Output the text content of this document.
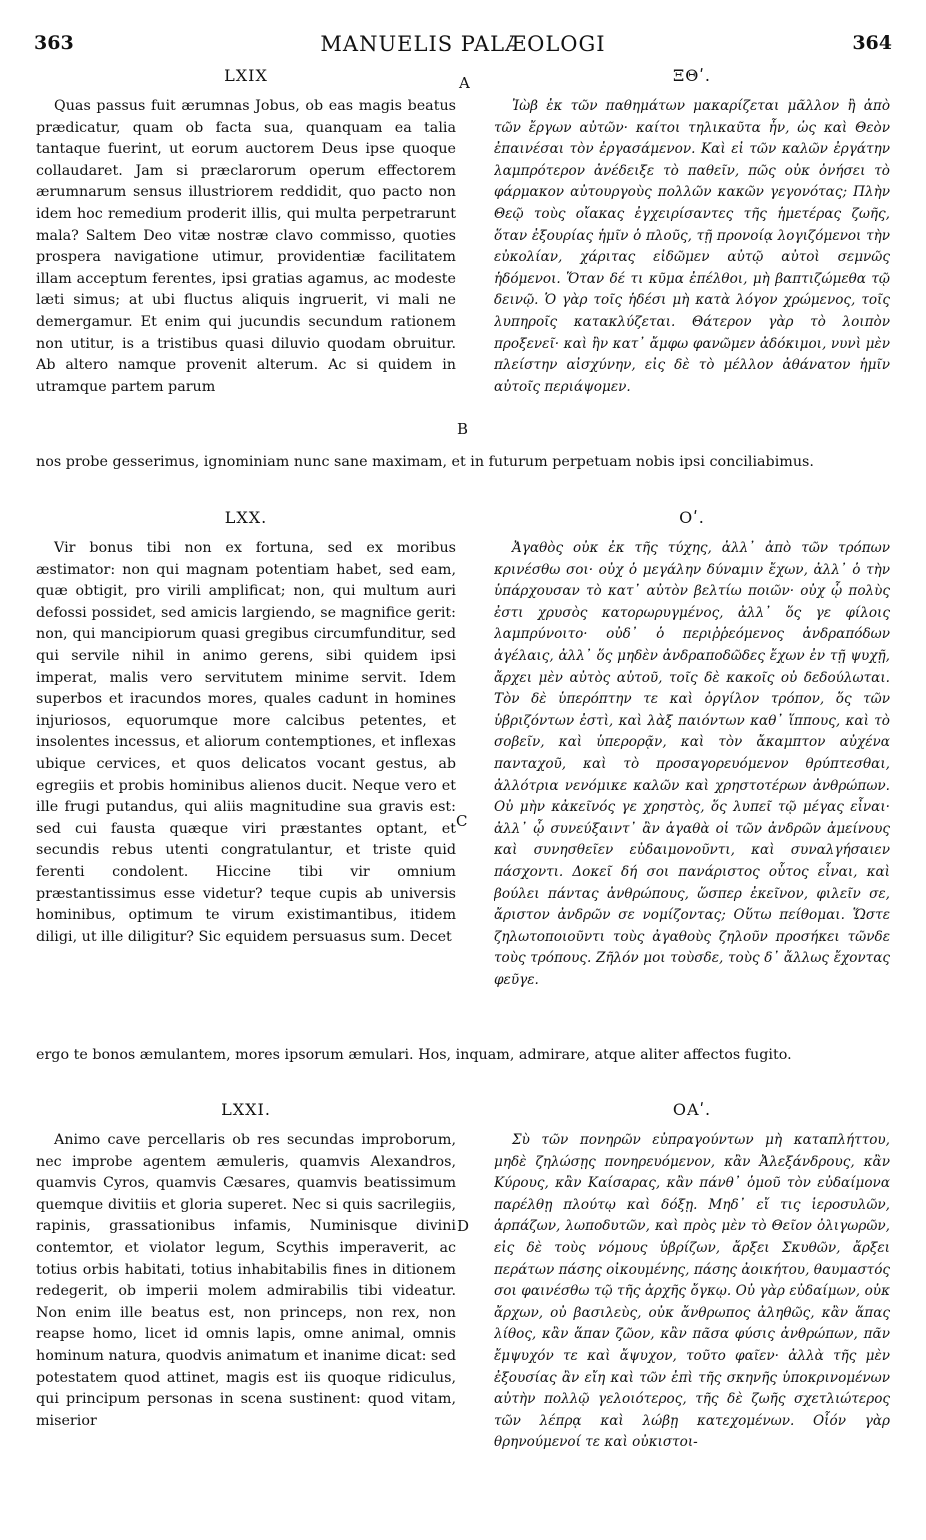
363	MANUELIS PALÆOLOGI	364
LXIX	ΞΘʹ.
A

Quas passus fuit ærumnas Jobus, ob eas magis beatus prædicatur, quam ob facta sua, quanquam ea talia tantaque fuerint, ut eorum auctorem Deus ipse quoque collaudaret. Jam si præclarorum operum effectorem ærumnarum sensus illustriorem reddidit, quo pacto non idem hoc remedium proderit illis, qui multa perpetrarunt mala? Saltem Deo vitæ nostræ clavo commisso, quoties prospera navigatione utimur, providentiæ facilitatem illam acceptum ferentes, ipsi gratias agamus, ac modeste læti simus; at ubi fluctus aliquis ingruerit, vi mali ne demergamur. Et enim qui jucundis secundum rationem non utitur, is a tristibus quasi diluvio quodam obruitur. Ab altero namque provenit alterum. Ac si quidem in utramque partem parum

Ἰὼβ ἐκ τῶν παθημάτων μακαρίζεται μᾶλλον ἢ ἀπὸ τῶν ἔργων αὐτῶν· καίτοι τηλικαῦτα ἦν, ὡς καὶ Θεὸν ἐπαινέσαι τὸν ἐργασάμενον. Καὶ εἰ τῶν καλῶν ἐργάτην λαμπρότερον ἀνέδειξε τὸ παθεῖν, πῶς οὐκ ὀνήσει τὸ φάρμακον αὐτουργοὺς πολλῶν κακῶν γεγονότας; Πλὴν Θεῷ τοὺς οἴακας ἐγχειρίσαντες τῆς ἡμετέρας ζωῆς, ὅταν ἐξουρίας ἡμῖν ὁ πλοῦς, τῇ προνοίᾳ λογιζόμενοι τὴν εὐκολίαν, χάριτας εἰδῶμεν αὐτῷ αὐτοὶ σεμνῶς ἡδόμενοι. Ὅταν δέ τι κῦμα ἐπέλθοι, μὴ βαπτιζώμεθα τῷ δεινῷ. Ὁ γὰρ τοῖς ἡδέσι μὴ κατὰ λόγον χρώμενος, τοῖς λυπηροῖς κατακλύζεται. Θάτερον γὰρ τὸ λοιπὸν προξενεῖ· καὶ ἢν κατ᾽ ἄμφω φανῶμεν ἀδόκιμοι, νυνὶ μὲν πλείστην αἰσχύνην, εἰς δὲ τὸ μέλλον ἀθάνατον ἡμῖν αὐτοῖς περιάψομεν.

B

nos probe gesserimus, ignominiam nunc sane maximam, et in futurum perpetuam nobis ipsi conciliabimus.

LXX.	Οʹ.

Vir bonus tibi non ex fortuna, sed ex moribus æstimator: non qui magnam potentiam habet, sed eam, quæ obtigit, pro virili amplificat; non, qui multum auri defossi possidet, sed amicis largiendo, se magnifice gerit: non, qui mancipiorum quasi gregibus circumfunditur, sed qui servile nihil in animo gerens, sibi quidem ipsi imperat, malis vero servitutem minime servit. Idem superbos et iracundos mores, quales cadunt in homines injuriosos, equorumque more calcibus petentes, et insolentes incessus, et aliorum contemptiones, et inflexas ubique cervices, et quos delicatos vocant gestus, ab egregiis et probis hominibus alienos ducit. Neque vero et ille frugi putandus, qui aliis magnitudine sua gravis est: sed cui fausta quæque viri præstantes optant, et secundis rebus utenti congratulantur, et triste quid ferenti condolent. Hiccine tibi vir omnium præstantissimus esse videtur? teque cupis ab universis hominibus, optimum te virum existimantibus, itidem diligi, ut ille diligitur? Sic equidem persuasus sum. Decet

Ἀγαθὸς οὐκ ἐκ τῆς τύχης, ἀλλ᾽ ἀπὸ τῶν τρόπων κρινέσθω σοι· οὐχ ὁ μεγάλην δύναμιν ἔχων, ἀλλ᾽ ὁ τὴν ὑπάρχουσαν τὸ κατ᾽ αὐτὸν βελτίω ποιῶν· οὐχ ᾧ πολὺς ἐστι χρυσὸς κατορωρυγμένος, ἀλλ᾽ ὅς γε φίλοις λαμπρύνοιτο· οὐδ᾽ ὁ περιῤῥεόμενος ἀνδραπόδων ἀγέλαις, ἀλλ᾽ ὅς μηδὲν ἀνδραποδῶδες ἔχων ἐν τῇ ψυχῇ, ἄρχει μὲν αὐτὸς αὐτοῦ, τοῖς δὲ κακοῖς οὐ δεδούλωται. Τὸν δὲ ὑπερόπτην τε καὶ ὀργίλον τρόπον, ὅς τῶν ὑβριζόντων ἐστὶ, καὶ λὰξ παιόντων καθ᾽ ἵππους, καὶ τὸ σοβεῖν, καὶ ὑπερορᾷν, καὶ τὸν ἄκαμπτον αὐχένα πανταχοῦ, καὶ τὸ προσαγορευόμενον θρύπτεσθαι, ἀλλότρια νενόμικε καλῶν καὶ χρηστοτέρων ἀνθρώπων. Οὐ μὴν κἀκεῖνός γε χρηστὸς, ὅς λυπεῖ τῷ μέγας εἶναι· ἀλλ᾽ ᾧ συνεύξαιντ᾽ ἂν ἀγαθὰ οἱ τῶν ἀνδρῶν ἀμείνους καὶ συνησθεῖεν εὐδαιμονοῦντι, καὶ συναλγήσαιεν πάσχοντι. Δοκεῖ δή σοι πανάριστος οὗτος εἶναι, καὶ βούλει πάντας ἀνθρώπους, ὥσπερ ἐκεῖνον, φιλεῖν σε, ἄριστον ἀνδρῶν σε νομίζοντας; Οὕτω πείθομαι. Ὥστε ζηλωτοποιοῦντι τοὺς ἀγαθοὺς ζηλοῦν προσήκει τῶνδε τοὺς τρόπους. Ζῆλόν μοι τοὺσδε, τοὺς δ᾽ ἄλλως ἔχοντας φεῦγε.

C

ergo te bonos æmulantem, mores ipsorum æmulari. Hos, inquam, admirare, atque aliter affectos fugito.

LXXI.	ΟΑʹ.

Animo cave percellaris ob res secundas improborum, nec improbe agentem æmuleris, quamvis Alexandros, quamvis Cyros, quamvis Cæsares, quamvis beatissimum quemque divitiis et gloria superet. Nec si quis sacrilegiis, rapinis, grassationibus infamis, Numinisque divini contemtor, et violator legum, Scythis imperaverit, ac totius orbis habitati, totius inhabitabilis fines in ditionem redegerit, ob imperii molem admirabilis tibi videatur. Non enim ille beatus est, non princeps, non rex, non reapse homo, licet id omnis lapis, omne animal, omnis hominum natura, quodvis animatum et inanime dicat: sed potestatem quod attinet, magis est iis quoque ridiculus, qui principum personas in scena sustinent: quod vitam, miserior

Σὺ τῶν πονηρῶν εὐπραγούντων μὴ καταπλήττου, μηδὲ ζηλώσῃς πονηρευόμενον, κἂν Ἀλεξάνδρους, κἂν Κύρους, κἂν Καίσαρας, κἂν πάνθ᾽ ὁμοῦ τὸν εὐδαίμονα παρέλθῃ πλούτῳ καὶ δόξῃ. Μηδ᾽ εἴ τις ἱεροσυλῶν, ἁρπάζων, λωποδυτῶν, καὶ πρὸς μὲν τὸ Θεῖον ὀλιγωρῶν, εἰς δὲ τοὺς νόμους ὑβρίζων, ἄρξει Σκυθῶν, ἄρξει περάτων πάσης οἰκουμένης, πάσης ἀοικήτου, θαυμαστός σοι φαινέσθω τῷ τῆς ἀρχῆς ὄγκῳ. Οὐ γὰρ εὐδαίμων, οὐκ ἄρχων, οὐ βασιλεὺς, οὐκ ἄνθρωπος ἀληθῶς, κἂν ἅπας λίθος, κἂν ἅπαν ζῶον, κἂν πᾶσα φύσις ἀνθρώπων, πᾶν ἔμψυχόν τε καὶ ἄψυχον, τοῦτο φαῖεν· ἀλλὰ τῆς μὲν ἐξουσίας ἂν εἴη καὶ τῶν ἐπὶ τῆς σκηνῆς ὑποκρινομένων αὐτὴν πολλῷ γελοιότερος, τῆς δὲ ζωῆς σχετλιώτερος τῶν λέπρᾳ καὶ λώβῃ κατεχομένων. Οἷόν γὰρ θρηνούμενοί τε καὶ οὐκιστοι-

D
